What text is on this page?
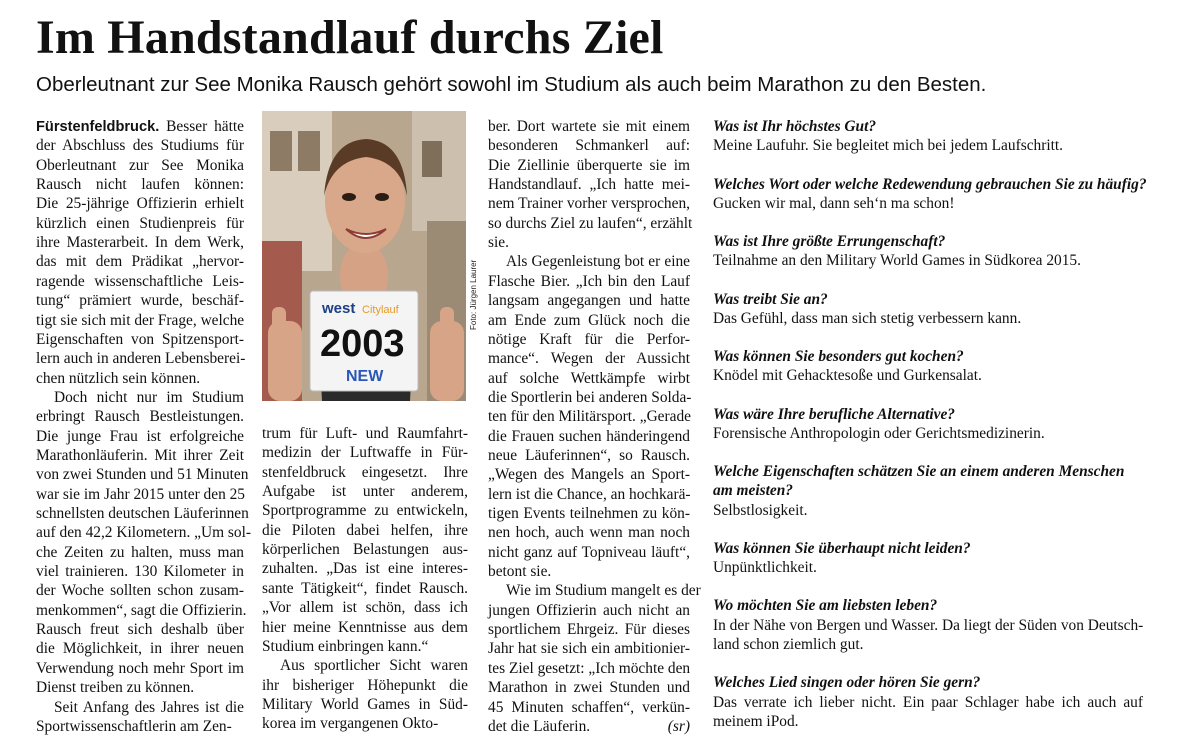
Im Handstandlauf durchs Ziel
Oberleutnant zur See Monika Rausch gehört sowohl im Studium als auch beim Marathon zu den Besten.
west Citylauf
2003
NEW
Foto: Jürgen Laurer
Fürstenfeldbruck. Besser hätte
der Abschluss des Studiums für
Oberleutnant zur See Monika
Rausch nicht laufen können:
Die 25-jährige Offizierin erhielt
kürzlich einen Studienpreis für
ihre Masterarbeit. In dem Werk,
das mit dem Prädikat „hervor-
ragende wissenschaftliche Leis-
tung“ prämiert wurde, beschäf-
tigt sie sich mit der Frage, welche
Eigenschaften von Spitzensport-
lern auch in anderen Lebensberei-
chen nützlich sein können.
Doch nicht nur im Studium
erbringt Rausch Bestleistungen.
Die junge Frau ist erfolgreiche
Marathonläuferin. Mit ihrer Zeit
von zwei Stunden und 51 Minuten
war sie im Jahr 2015 unter den 25
schnellsten deutschen Läuferinnen
auf den 42,2 Kilometern. „Um sol-
che Zeiten zu halten, muss man
viel trainieren. 130 Kilometer in
der Woche sollten schon zusam-
menkommen“, sagt die Offizierin.
Rausch freut sich deshalb über
die Möglichkeit, in ihrer neuen
Verwendung noch mehr Sport im
Dienst treiben zu können.
Seit Anfang des Jahres ist die
Sportwissenschaftlerin am Zen-
trum für Luft- und Raumfahrt-
medizin der Luftwaffe in Für-
stenfeldbruck eingesetzt. Ihre
Aufgabe ist unter anderem,
Sportprogramme zu entwickeln,
die Piloten dabei helfen, ihre
körperlichen Belastungen aus-
zuhalten. „Das ist eine interes-
sante Tätigkeit“, findet Rausch.
„Vor allem ist schön, dass ich
hier meine Kenntnisse aus dem
Studium einbringen kann.“
Aus sportlicher Sicht waren
ihr bisheriger Höhepunkt die
Military World Games in Süd-
korea im vergangenen Okto-
ber. Dort wartete sie mit einem
besonderen Schmankerl auf:
Die Ziellinie überquerte sie im
Handstandlauf. „Ich hatte mei-
nem Trainer vorher versprochen,
so durchs Ziel zu laufen“, erzählt
sie.
Als Gegenleistung bot er eine
Flasche Bier. „Ich bin den Lauf
langsam angegangen und hatte
am Ende zum Glück noch die
nötige Kraft für die Perfor-
mance“. Wegen der Aussicht
auf solche Wettkämpfe wirbt
die Sportlerin bei anderen Solda-
ten für den Militärsport. „Gerade
die Frauen suchen händeringend
neue Läuferinnen“, so Rausch.
„Wegen des Mangels an Sport-
lern ist die Chance, an hochkarä-
tigen Events teilnehmen zu kön-
nen hoch, auch wenn man noch
nicht ganz auf Topniveau läuft“,
betont sie.
Wie im Studium mangelt es der
jungen Offizierin auch nicht an
sportlichem Ehrgeiz. Für dieses
Jahr hat sie sich ein ambitionier-
tes Ziel gesetzt: „Ich möchte den
Marathon in zwei Stunden und
45 Minuten schaffen“, verkün-
det die Läuferin.	(sr)
Was ist Ihr höchstes Gut?
Meine Laufuhr. Sie begleitet mich bei jedem Laufschritt.
Welches Wort oder welche Redewendung gebrauchen Sie zu häufig?
Gucken wir mal, dann seh‘n ma schon!
Was ist Ihre größte Errungenschaft?
Teilnahme an den Military World Games in Südkorea 2015.
Was treibt Sie an?
Das Gefühl, dass man sich stetig verbessern kann.
Was können Sie besonders gut kochen?
Knödel mit Gehacktesoße und Gurkensalat.
Was wäre Ihre berufliche Alternative?
Forensische Anthropologin oder Gerichtsmedizinerin.
Welche Eigenschaften schätzen Sie an einem anderen Menschen
am meisten?
Selbstlosigkeit.
Was können Sie überhaupt nicht leiden?
Unpünktlichkeit.
Wo möchten Sie am liebsten leben?
In der Nähe von Bergen und Wasser. Da liegt der Süden von Deutsch-
land schon ziemlich gut.
Welches Lied singen oder hören Sie gern?
Das verrate ich lieber nicht. Ein paar Schlager habe ich auch auf
meinem iPod.
